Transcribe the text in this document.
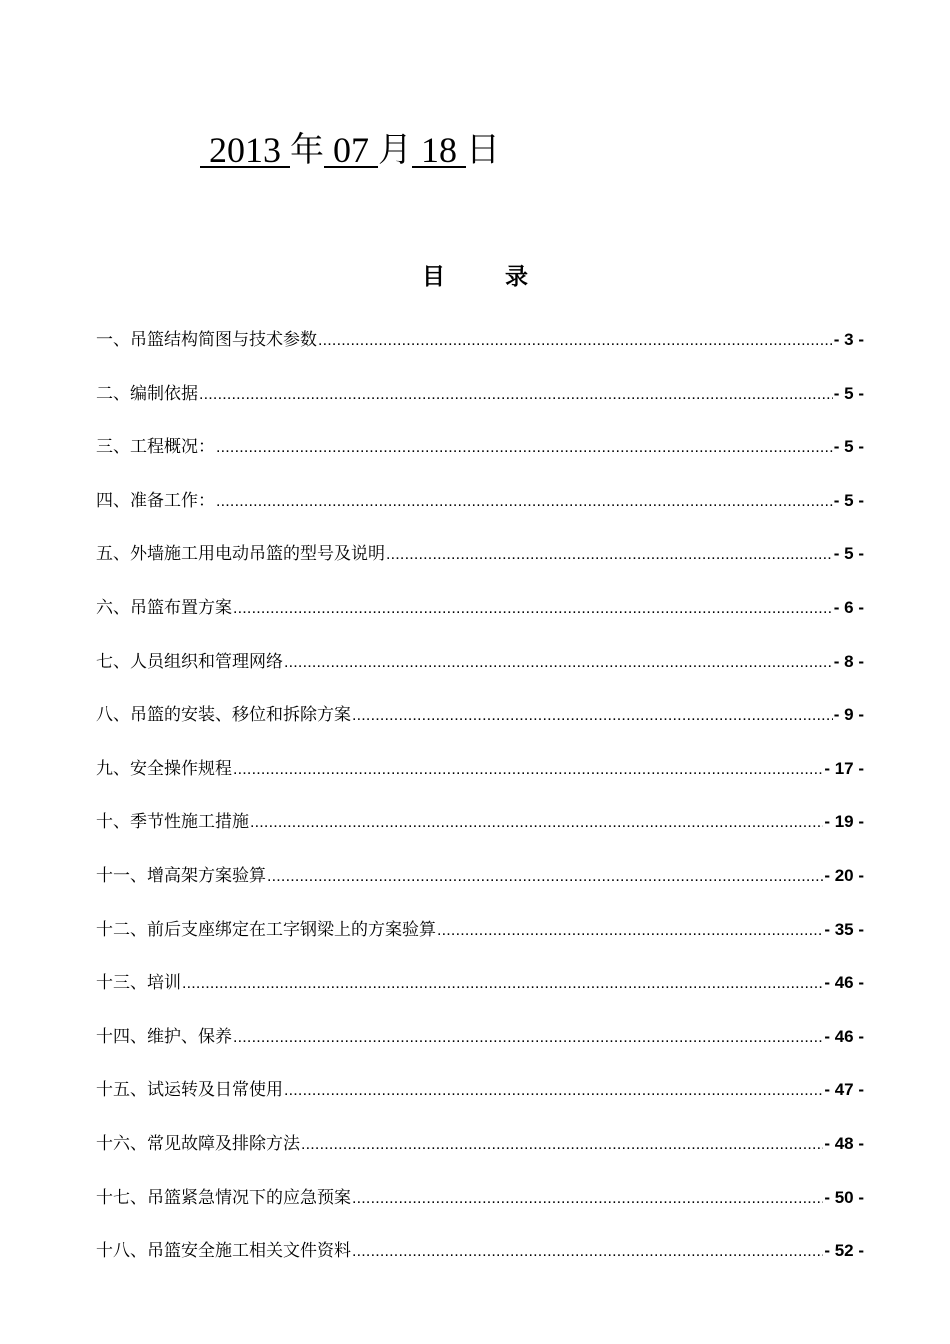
2013 年 07 月 18 日
目录
一、吊篮结构简图与技术参数 .....	- 3 -
二、编制依据 .....	- 5 -
三、工程概况： .....	- 5 -
四、准备工作： .....	- 5 -
五、外墙施工用电动吊篮的型号及说明 .....	- 5 -
六、吊篮布置方案 .....	- 6 -
七、人员组织和管理网络 .....	- 8 -
八、吊篮的安装、移位和拆除方案 .....	- 9 -
九、安全操作规程 .....	- 17 -
十、季节性施工措施 .....	- 19 -
十一、增高架方案验算 .....	- 20 -
十二、前后支座绑定在工字钢梁上的方案验算 .....	- 35 -
十三、培训 .....	- 46 -
十四、维护、保养 .....	- 46 -
十五、试运转及日常使用 .....	- 47 -
十六、常见故障及排除方法 .....	- 48 -
十七、吊篮紧急情况下的应急预案 .....	- 50 -
十八、吊篮安全施工相关文件资料 .....	- 52 -
